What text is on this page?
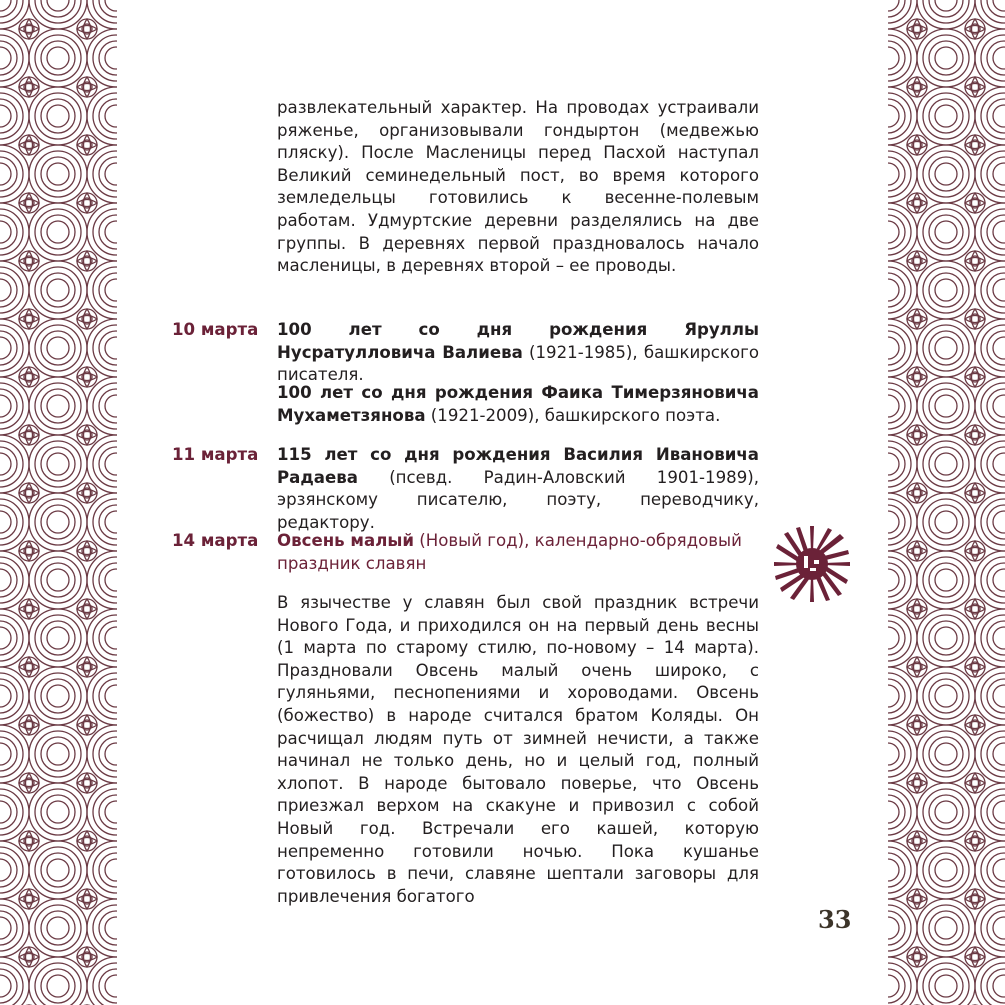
развлекательный характер. На проводах устраивали ряженье, организовывали гондыртон (медвежью пляску). После Масленицы перед Пасхой наступал Великий семинедельный пост, во время которого земледельцы готовились к весенне-полевым работам. Удмуртские деревни разделялись на две группы. В деревнях первой праздновалось начало масленицы, в деревнях второй – ее проводы.

10 марта 100 лет со дня рождения Яруллы Нуcратулловича Валиева (1921-1985), башкирского писателя.

100 лет со дня рождения Фаика Тимерзяновича Мухаметзянова (1921-2009), башкирского поэта.

11 марта 115 лет со дня рождения Василия Ивановича Радаева (псевд. Радин-Аловский 1901-1989), эрзянскому писателю, поэту, переводчику, редактору.

14 марта Овсень малый (Новый год), календарно-обрядовый праздник славян

В язычестве у славян был свой праздник встречи Нового Года, и приходился он на первый день весны (1 марта по старому стилю, по-новому – 14 марта). Праздновали Овсень малый очень широко, с гуляньями, песнопениями и хороводами. Овсень (божество) в народе считался братом Коляды. Он расчищал людям путь от зимней нечисти, а также начинал не только день, но и целый год, полный хлопот. В народе бытовало поверье, что Овсень приезжал верхом на скакуне и привозил с собой Новый год. Встречали его кашей, которую непременно готовили ночью. Пока кушанье готовилось в печи, славяне шептали заговоры для привлечения богатого

33
